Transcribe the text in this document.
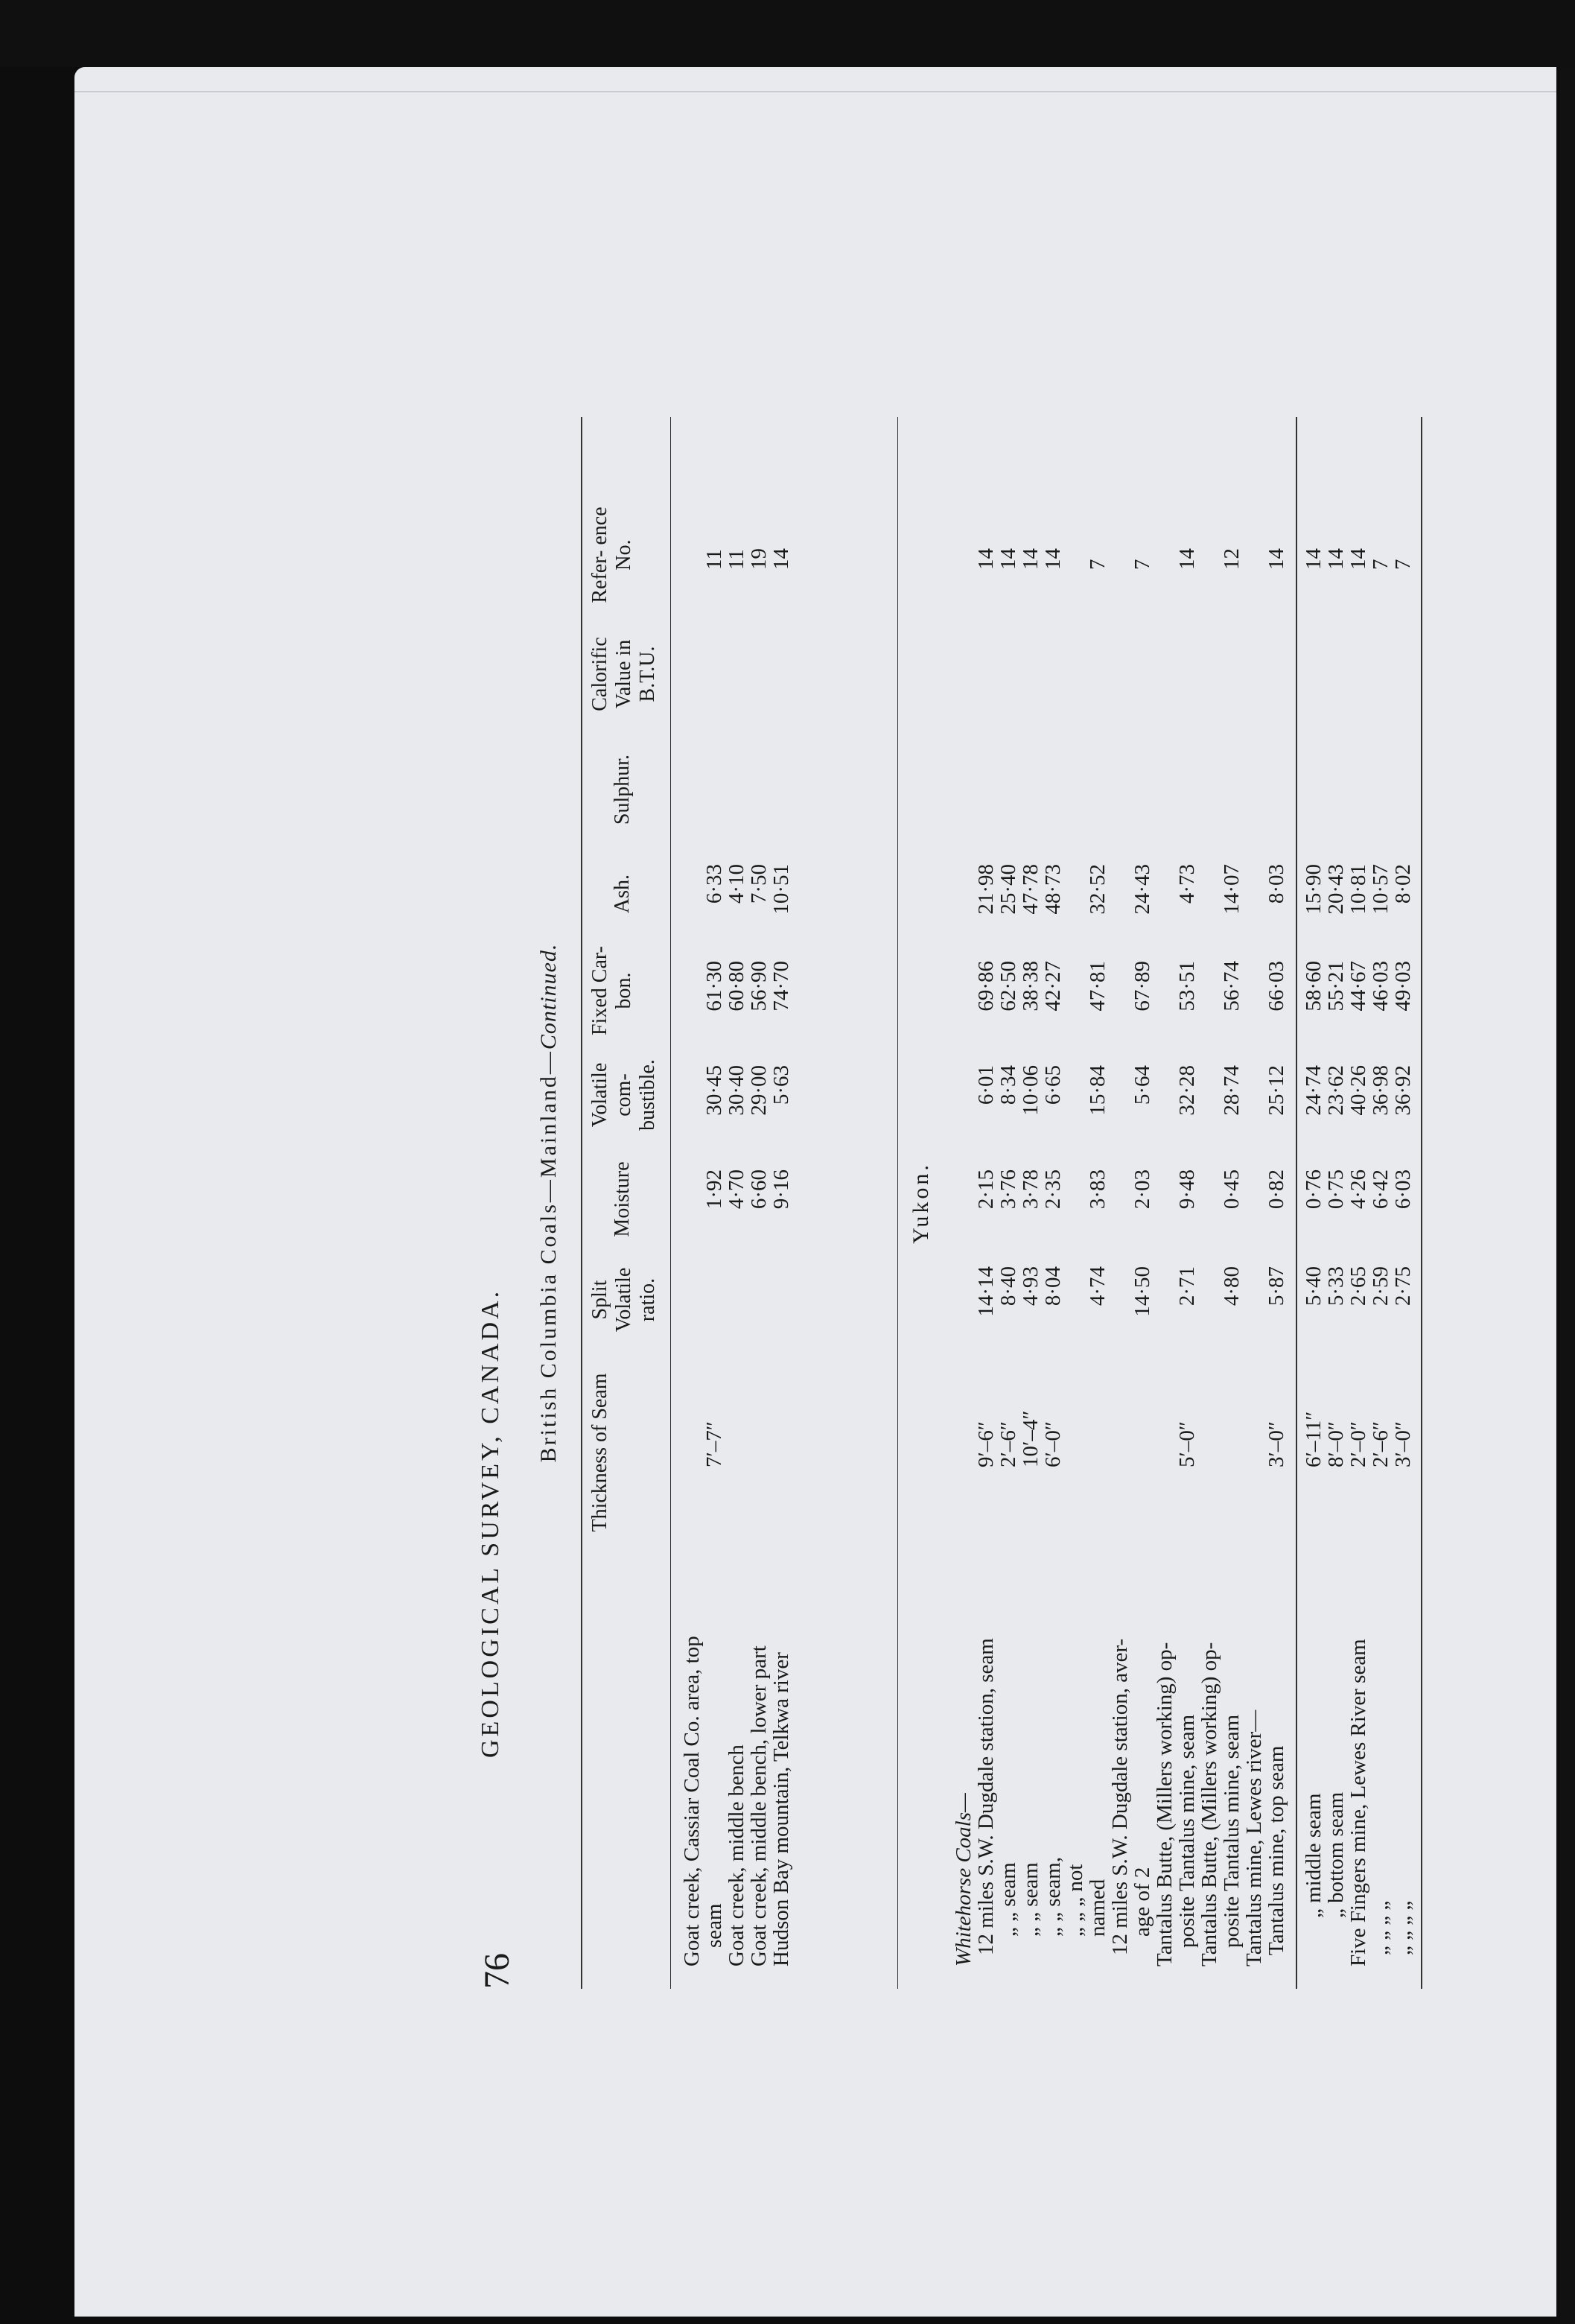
76
GEOLOGICAL SURVEY, CANADA.
British Columbia Coals—Mainland—Continued.
Thickness of Seam
Split Volatile ratio.
Moisture
Volatile com- bustible.
Fixed Car- bon.
Ash.
Sulphur.
Calorific Value in B.T.U.
Refer- ence No.
Goat creek, Cassiar Coal Co. area, top
seam
7′–7″
1·92
30·45
61·30
6·33
11
Goat creek, middle bench
4·70
30·40
60·80
4·10
11
Goat creek, middle bench, lower part
6·60
29·00
56·90
7·50
19
Hudson Bay mountain, Telkwa river
9·16
5·63
74·70
10·51
14
Yukon.
Whitehorse Coals—
12 miles S.W. Dugdale station, seam
9′–6″
14·14
2·15
6·01
69·86
21·98
14
„ „ seam
2′–6″
8·40
3·76
8·34
62·50
25·40
14
„ „ seam
10′–4″
4·93
3·78
10·06
38·38
47·78
14
„ „ seam,
6′–0″
8·04
2·35
6·65
42·27
48·73
14
„ „ „ not
named
4·74
3·83
15·84
47·81
32·52
7
12 miles S.W. Dugdale station, aver-
age of 2
14·50
2·03
5·64
67·89
24·43
7
Tantalus Butte, (Millers working) op-
posite Tantalus mine, seam
5′–0″
2·71
9·48
32·28
53·51
4·73
14
Tantalus Butte, (Millers working) op-
posite Tantalus mine, seam
4·80
0·45
28·74
56·74
14·07
12
Tantalus mine, Lewes river—
Tantalus mine, top seam
3′–0″
5·87
0·82
25·12
66·03
8·03
14
„ middle seam
6′–11″
5·40
0·76
24·74
58·60
15·90
14
„ bottom seam
8′–0″
5·33
0·75
23·62
55·21
20·43
14
Five Fingers mine, Lewes River seam
2′–0″
2·65
4·26
40·26
44·67
10·81
14
„ „ „ „
2′–6″
2·59
6·42
36·98
46·03
10·57
7
„ „ „ „
3′–0″
2·75
6·03
36·92
49·03
8·02
7
